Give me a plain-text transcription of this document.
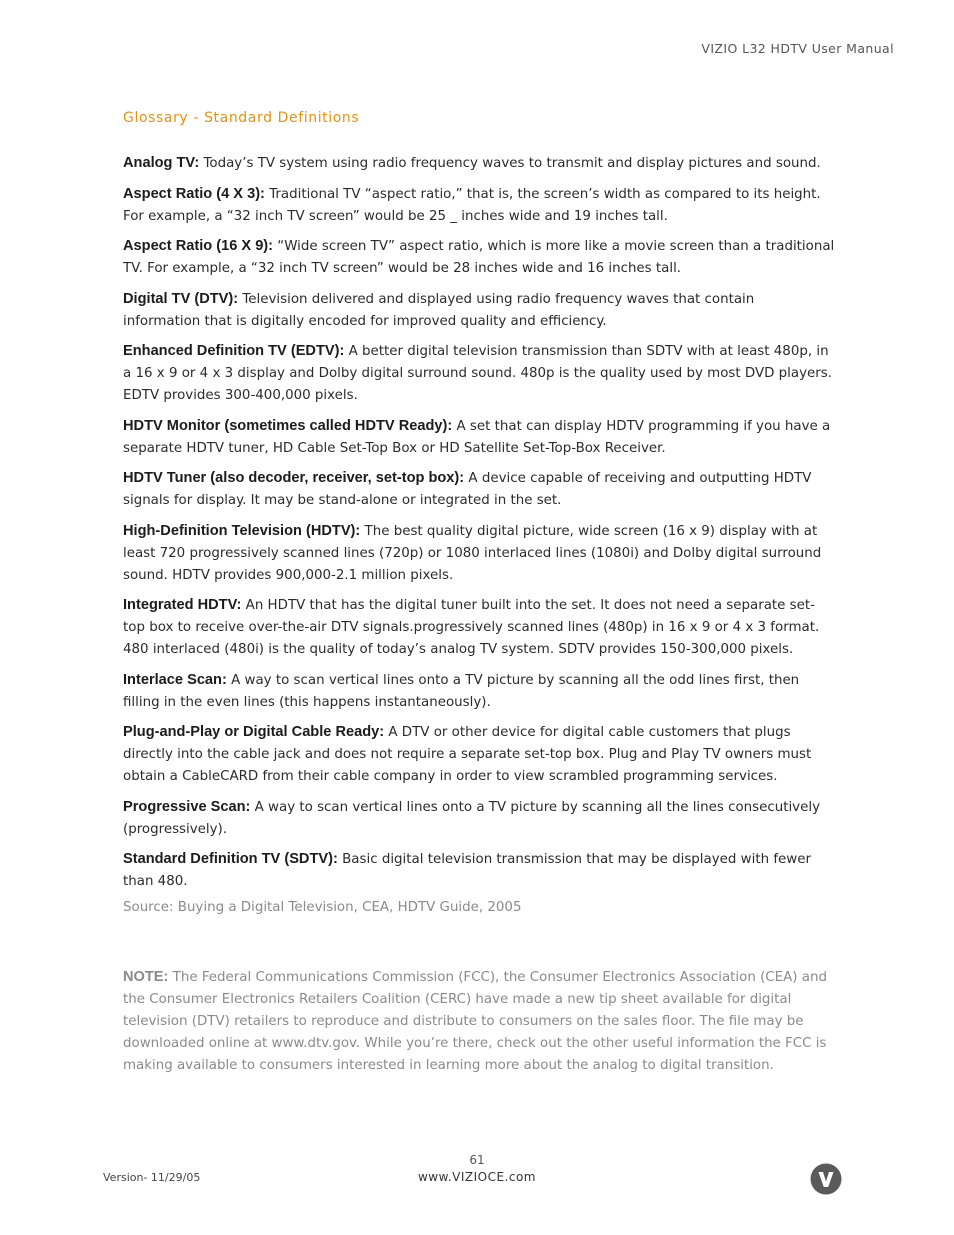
VIZIO L32 HDTV User Manual
Glossary - Standard Definitions

Analog TV: Today’s TV system using radio frequency waves to transmit and display pictures and sound.

Aspect Ratio (4 X 3): Traditional TV “aspect ratio,” that is, the screen’s width as compared to its height. For example, a “32 inch TV screen” would be 25 _ inches wide and 19 inches tall.

Aspect Ratio (16 X 9): “Wide screen TV” aspect ratio, which is more like a movie screen than a traditional TV. For example, a “32 inch TV screen” would be 28 inches wide and 16 inches tall.

Digital TV (DTV): Television delivered and displayed using radio frequency waves that contain information that is digitally encoded for improved quality and efficiency.

Enhanced Definition TV (EDTV): A better digital television transmission than SDTV with at least 480p, in a 16 x 9 or 4 x 3 display and Dolby digital surround sound. 480p is the quality used by most DVD players. EDTV provides 300-400,000 pixels.

HDTV Monitor (sometimes called HDTV Ready): A set that can display HDTV programming if you have a separate HDTV tuner, HD Cable Set-Top Box or HD Satellite Set-Top-Box Receiver.

HDTV Tuner (also decoder, receiver, set-top box): A device capable of receiving and outputting HDTV signals for display. It may be stand-alone or integrated in the set.

High-Definition Television (HDTV): The best quality digital picture, wide screen (16 x 9) display with at least 720 progressively scanned lines (720p) or 1080 interlaced lines (1080i) and Dolby digital surround sound. HDTV provides 900,000-2.1 million pixels.

Integrated HDTV: An HDTV that has the digital tuner built into the set. It does not need a separate set-top box to receive over-the-air DTV signals.progressively scanned lines (480p) in 16 x 9 or 4 x 3 format. 480 interlaced (480i) is the quality of today’s analog TV system. SDTV provides 150-300,000 pixels.

Interlace Scan: A way to scan vertical lines onto a TV picture by scanning all the odd lines first, then filling in the even lines (this happens instantaneously).

Plug-and-Play or Digital Cable Ready: A DTV or other device for digital cable customers that plugs directly into the cable jack and does not require a separate set-top box. Plug and Play TV owners must obtain a CableCARD from their cable company in order to view scrambled programming services.

Progressive Scan: A way to scan vertical lines onto a TV picture by scanning all the lines consecutively (progressively).

Standard Definition TV (SDTV): Basic digital television transmission that may be displayed with fewer than 480.

Source: Buying a Digital Television, CEA, HDTV Guide, 2005
NOTE: The Federal Communications Commission (FCC), the Consumer Electronics Association (CEA) and the Consumer Electronics Retailers Coalition (CERC) have made a new tip sheet available for digital television (DTV) retailers to reproduce and distribute to consumers on the sales floor. The file may be downloaded online at www.dtv.gov. While you’re there, check out the other useful information the FCC is making available to consumers interested in learning more about the analog to digital transition.
61
Version- 11/29/05	www.VIZIOCE.com
